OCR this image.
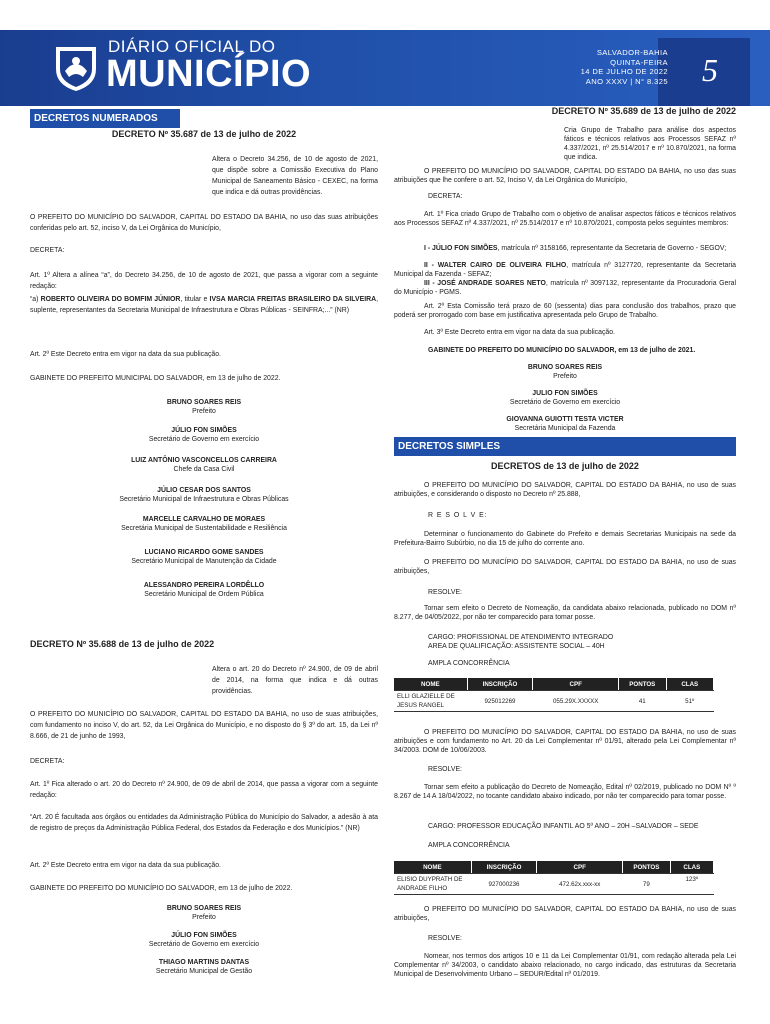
DIÁRIO OFICIAL DO
MUNICÍPIO
SALVADOR-BAHIA
QUINTA-FEIRA
14 DE JULHO DE 2022
ANO XXXV | N° 8.325 5
DECRETOS NUMERADOS
DECRETO Nº 35.687 de 13 de julho de 2022

Altera o Decreto 34.256, de 10 de agosto de 2021, que dispõe sobre a Comissão Executiva do Plano Municipal de Saneamento Básico - CEXEC, na forma que indica e dá outras providências.

O PREFEITO DO MUNICÍPIO DO SALVADOR, CAPITAL DO ESTADO DA BAHIA, no uso das suas atribuições conferidas pelo art. 52, inciso V, da Lei Orgânica do Município,

DECRETA:

Art. 1º Altera a alínea “a”, do Decreto 34.256, de 10 de agosto de 2021, que passa a vigorar com a seguinte redação:

“a) ROBERTO OLIVEIRA DO BOMFIM JÚNIOR, titular e IVSA MARCIA FREITAS BRASILEIRO DA SILVEIRA, suplente, representantes da Secretaria Municipal de Infraestrutura e Obras Públicas - SEINFRA;...” (NR)

Art. 2º Este Decreto entra em vigor na data da sua publicação.

GABINETE DO PREFEITO MUNICIPAL DO SALVADOR, em 13 de julho de 2022.

BRUNO SOARES REIS

Prefeito

JÚLIO FON SIMÕES

Secretário de Governo em exercício

LUIZ ANTÔNIO VASCONCELLOS CARREIRA

Chefe da Casa Civil

JÚLIO CESAR DOS SANTOS

Secretário Municipal de Infraestrutura e Obras Públicas

MARCELLE CARVALHO DE MORAES

Secretária Municipal de Sustentabilidade e Resiliência

LUCIANO RICARDO GOME SANDES

Secretário Municipal de Manutenção da Cidade

ALESSANDRO PEREIRA LORDÊLLO

Secretário Municipal de Ordem Pública

DECRETO Nº 35.688 de 13 de julho de 2022

Altera o art. 20 do Decreto nº 24.900, de 09 de abril de 2014, na forma que indica e dá outras providências.

O PREFEITO DO MUNICÍPIO DO SALVADOR, CAPITAL DO ESTADO DA BAHIA, no uso de suas atribuições, com fundamento no inciso V, do art. 52, da Lei Orgânica do Município, e no disposto do § 3º do art. 15, da Lei nº 8.666, de 21 de junho de 1993,

DECRETA:

Art. 1º Fica alterado o art. 20 do Decreto nº 24.900, de 09 de abril de 2014, que passa a vigorar com a seguinte redação:

“Art. 20 É facultada aos órgãos ou entidades da Administração Pública do Município do Salvador, a adesão à ata de registro de preços da Administração Pública Federal, dos Estados da Federação e dos Municípios.” (NR)

Art. 2º Este Decreto entra em vigor na data da sua publicação.

GABINETE DO PREFEITO DO MUNICÍPIO DO SALVADOR, em 13 de julho de 2022.

BRUNO SOARES REIS

Prefeito

JÚLIO FON SIMÕES

Secretário de Governo em exercício

THIAGO MARTINS DANTAS

Secretário Municipal de Gestão

DECRETO Nº 35.689 de 13 de julho de 2022

Cria Grupo de Trabalho para análise dos aspectos fáticos e técnicos relativos aos Processos SEFAZ nº 4.337/2021, nº 25.514/2017 e nº 10.870/2021, na forma que indica.

O PREFEITO DO MUNICÍPIO DO SALVADOR, CAPITAL DO ESTADO DA BAHIA, no uso das suas atribuições que lhe confere o art. 52, Inciso V, da Lei Orgânica do Município,

DECRETA:

Art. 1º Fica criado Grupo de Trabalho com o objetivo de analisar aspectos fáticos e técnicos relativos aos Processos SEFAZ nº 4.337/2021, nº 25.514/2017 e nº 10.870/2021, composta pelos seguintes membros:

I - JÚLIO FON SIMÕES, matrícula nº 3158166, representante da Secretaria de Governo - SEGOV;

II - WALTER CAIRO DE OLIVEIRA FILHO, matrícula nº 3127720, representante da Secretaria Municipal da Fazenda - SEFAZ;

III - JOSÉ ANDRADE SOARES NETO, matrícula nº 3097132, representante da Procuradoria Geral do Município - PGMS.

Art. 2º Esta Comissão terá prazo de 60 (sessenta) dias para conclusão dos trabalhos, prazo que poderá ser prorrogado com base em justificativa apresentada pelo Grupo de Trabalho.

Art. 3º Este Decreto entra em vigor na data da sua publicação.

GABINETE DO PREFEITO DO MUNICÍPIO DO SALVADOR, em 13 de julho de 2021.

BRUNO SOARES REIS

Prefeito

JULIO FON SIMÕES

Secretário de Governo em exercício

GIOVANNA GUIOTTI TESTA VICTER

Secretária Municipal da Fazenda

DECRETOS SIMPLES
DECRETOS de 13 de julho de 2022

O PREFEITO DO MUNICÍPIO DO SALVADOR, CAPITAL DO ESTADO DA BAHIA, no uso de suas atribuições, e considerando o disposto no Decreto nº 25.888,

R E S O L V E:

Determinar o funcionamento do Gabinete do Prefeito e demais Secretarias Municipais na sede da Prefeitura-Bairro Subúrbio, no dia 15 de julho do corrente ano.

O PREFEITO DO MUNICÍPIO DO SALVADOR, CAPITAL DO ESTADO DA BAHIA, no uso de suas atribuições,

RESOLVE:

Tornar sem efeito o Decreto de Nomeação, da candidata abaixo relacionada, publicado no DOM nº 8.277, de 04/05/2022, por não ter comparecido para tomar posse.

CARGO: PROFISSIONAL DE ATENDIMENTO INTEGRADO

AREA DE QUALIFICAÇÃO: ASSISTENTE SOCIAL – 40H

AMPLA CONCORRÊNCIA

NOME	INSCRIÇÃO	CPF	PONTOS	CLAS
ELLI GLAZIELLE DE JESUS RANGEL	925012269	055.29X.XXXXX	41	51º

O PREFEITO DO MUNICÍPIO DO SALVADOR, CAPITAL DO ESTADO DA BAHIA, no uso de suas atribuições e com fundamento no Art. 20 da Lei Complementar nº 01/91, alterado pela Lei Complementar nº 34/2003. DOM de 10/06/2003.

RESOLVE:

Tornar sem efeito a publicação do Decreto de Nomeação, Edital nº 02/2019, publicado no DOM Nº º 8.267 de 14 A 18/04/2022, no tocante candidato abaixo indicado, por não ter comparecido para tomar posse.

CARGO: PROFESSOR EDUCAÇÃO INFANTIL AO 5º ANO – 20H –SALVADOR – SEDE

AMPLA CONCORRÊNCIA

NOME	INSCRIÇÃO	CPF	PONTOS	CLAS
ELISIO DUYPRATH DE ANDRADE FILHO	927000236	472.62x.xxx-xx	79	123º

O PREFEITO DO MUNICÍPIO DO SALVADOR, CAPITAL DO ESTADO DA BAHIA, no uso de suas atribuições,

RESOLVE:

Nomear, nos termos dos artigos 10 e 11 da Lei Complementar 01/91, com redação alterada pela Lei Complementar nº 34/2003, o candidato abaixo relacionado, no cargo indicado, das estruturas da Secretaria Municipal de Desenvolvimento Urbano – SEDUR/Edital nº 01/2019.
